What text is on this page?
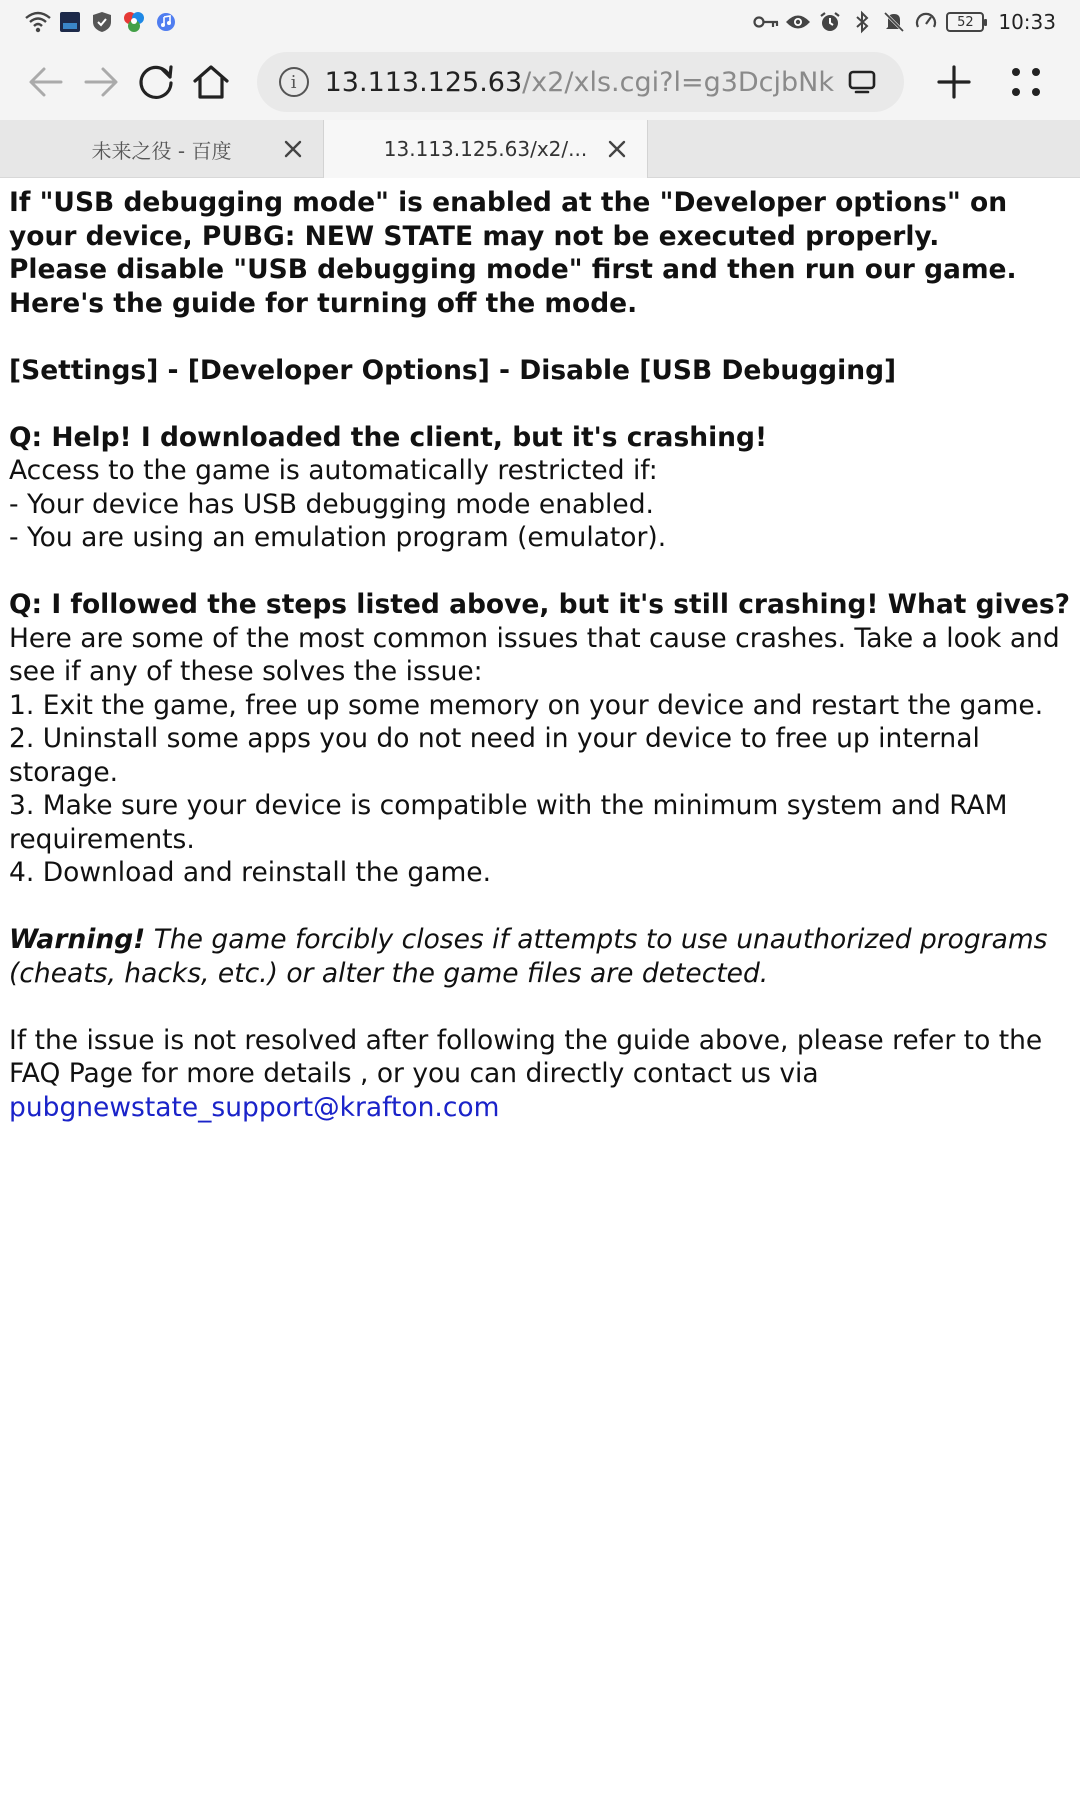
52 10:33
i	13.113.125.63/x2/xls.cgi?l=g3DcjbNk
未来之役 - 百度	13.113.125.63/x2/...

If "USB debugging mode" is enabled at the "Developer options" on your device, PUBG: NEW STATE may not be executed properly.

Please disable "USB debugging mode" first and then run our game.

Here's the guide for turning off the mode.

[Settings] - [Developer Options] - Disable [USB Debugging]

Q: Help! I downloaded the client, but it's crashing!

Access to the game is automatically restricted if:

- Your device has USB debugging mode enabled.

- You are using an emulation program (emulator).

Q: I followed the steps listed above, but it's still crashing! What gives?

Here are some of the most common issues that cause crashes. Take a look and see if any of these solves the issue:

1. Exit the game, free up some memory on your device and restart the game.

2. Uninstall some apps you do not need in your device to free up internal storage.

3. Make sure your device is compatible with the minimum system and RAM requirements.

4. Download and reinstall the game.

Warning! The game forcibly closes if attempts to use unauthorized programs (cheats, hacks, etc.) or alter the game files are detected.

If the issue is not resolved after following the guide above, please refer to the FAQ Page for more details , or you can directly contact us via

pubgnewstate_support@krafton.com
